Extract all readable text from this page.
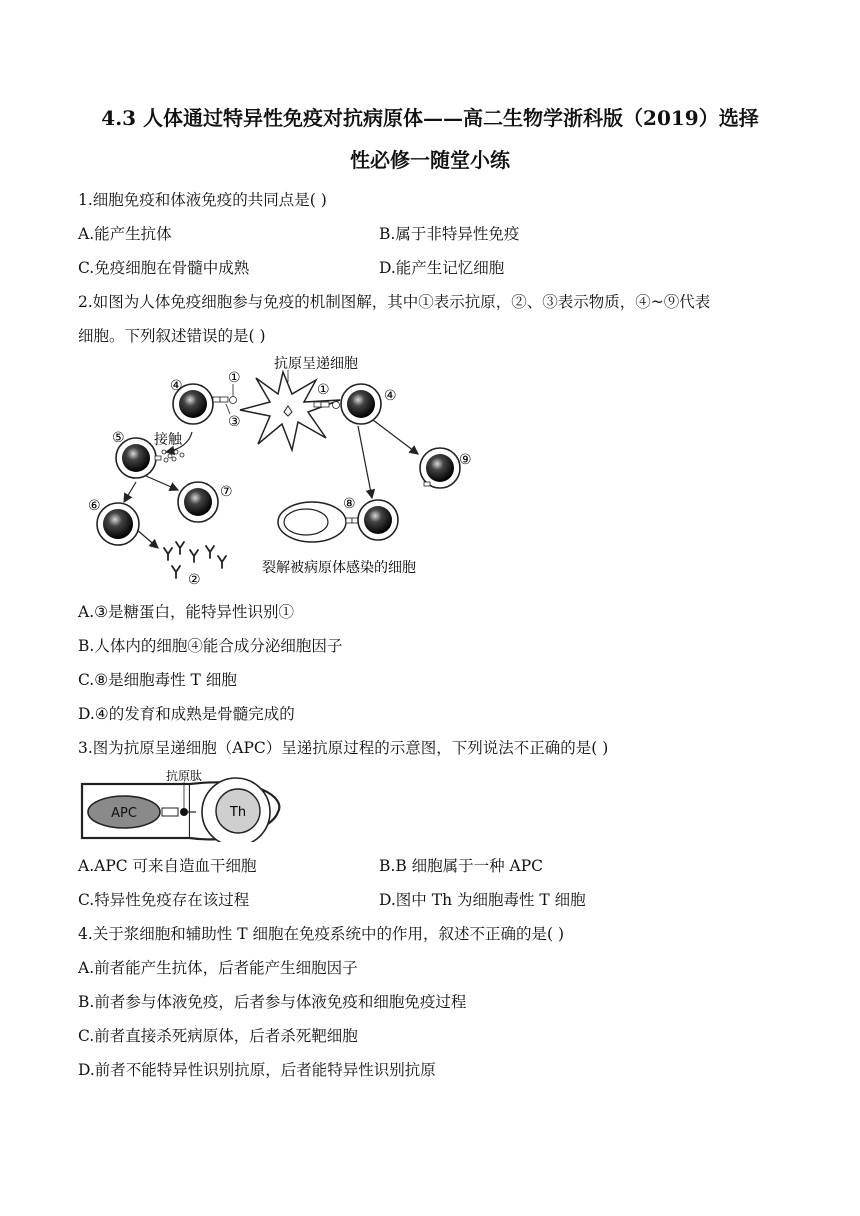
4.3 人体通过特异性免疫对抗病原体——高二生物学浙科版（2019）选择
性必修一随堂小练
1.细胞免疫和体液免疫的共同点是( )
A.能产生抗体	B.属于非特异性免疫
C.免疫细胞在骨髓中成熟	D.能产生记忆细胞
2.如图为人体免疫细胞参与免疫的机制图解，其中①表示抗原，②、③表示物质，④~⑨代表
细胞。下列叙述错误的是( )
④	①
③
抗原呈递细胞
①	④
⑤ 接触
⑦
⑥
②
⑨
⑧
裂解被病原体感染的细胞
A.③是糖蛋白，能特异性识别①
B.人体内的细胞④能合成分泌细胞因子
C.⑧是细胞毒性 T 细胞
D.④的发育和成熟是骨髓完成的
3.图为抗原呈递细胞（APC）呈递抗原过程的示意图，下列说法不正确的是( )
APC	Th
抗原肽
A.APC 可来自造血干细胞	B.B 细胞属于一种 APC
C.特异性免疫存在该过程	D.图中 Th 为细胞毒性 T 细胞
4.关于浆细胞和辅助性 T 细胞在免疫系统中的作用，叙述不正确的是( )
A.前者能产生抗体，后者能产生细胞因子
B.前者参与体液免疫，后者参与体液免疫和细胞免疫过程
C.前者直接杀死病原体，后者杀死靶细胞
D.前者不能特异性识别抗原，后者能特异性识别抗原
